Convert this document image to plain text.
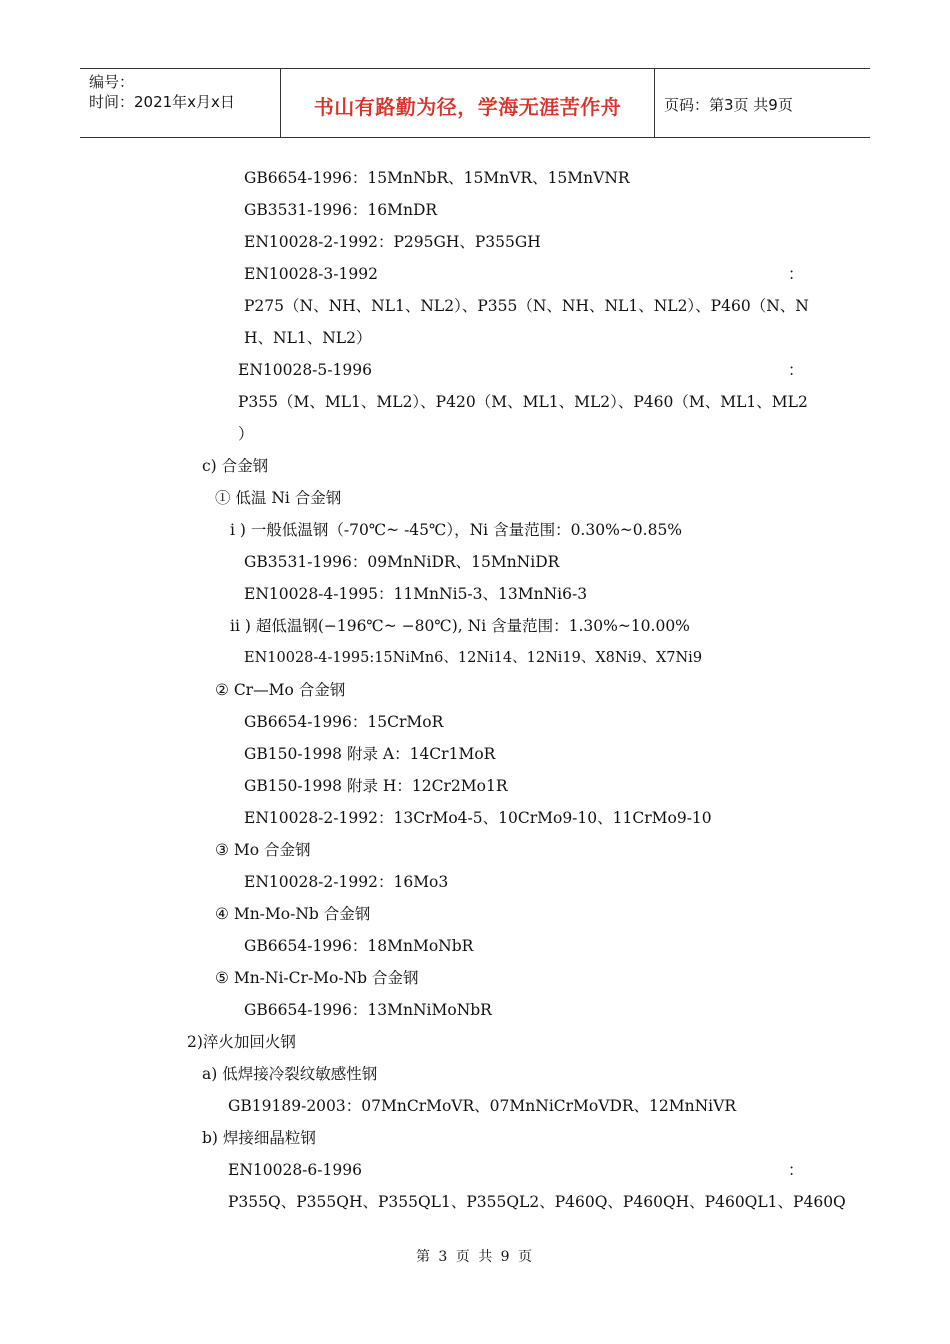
编号：
时间：2021年x月x日	书山有路勤为径，学海无涯苦作舟	页码：第3页 共9页
GB6654-1996：15MnNbR、15MnVR、15MnVNR
GB3531-1996：16MnDR
EN10028-2-1992：P295GH、P355GH
EN10028-3-1992	：
P275（N、NH、NL1、NL2）、P355（N、NH、NL1、NL2）、P460（N、N
H、NL1、NL2）
EN10028-5-1996	：
P355（M、ML1、ML2）、P420（M、ML1、ML2）、P460（M、ML1、ML2
）
c) 合金钢
① 低温 Ni 合金钢
i ) 一般低温钢（-70℃~ -45℃），Ni 含量范围：0.30%~0.85%
GB3531-1996：09MnNiDR、15MnNiDR
EN10028-4-1995：11MnNi5-3、13MnNi6-3
ii ) 超低温钢(−196℃~ −80℃), Ni 含量范围：1.30%~10.00%
EN10028-4-1995:15NiMn6、12Ni14、12Ni19、X8Ni9、X7Ni9
② Cr—Mo 合金钢
GB6654-1996：15CrMoR
GB150-1998 附录 A：14Cr1MoR
GB150-1998 附录 H：12Cr2Mo1R
EN10028-2-1992：13CrMo4-5、10CrMo9-10、11CrMo9-10
③ Mo 合金钢
EN10028-2-1992：16Mo3
④ Mn-Mo-Nb 合金钢
GB6654-1996：18MnMoNbR
⑤ Mn-Ni-Cr-Mo-Nb 合金钢
GB6654-1996：13MnNiMoNbR
2)淬火加回火钢
a) 低焊接冷裂纹敏感性钢
GB19189-2003：07MnCrMoVR、07MnNiCrMoVDR、12MnNiVR
b) 焊接细晶粒钢
EN10028-6-1996	：
P355Q、P355QH、P355QL1、P355QL2、P460Q、P460QH、P460QL1、P460Q
第 3 页 共 9 页
